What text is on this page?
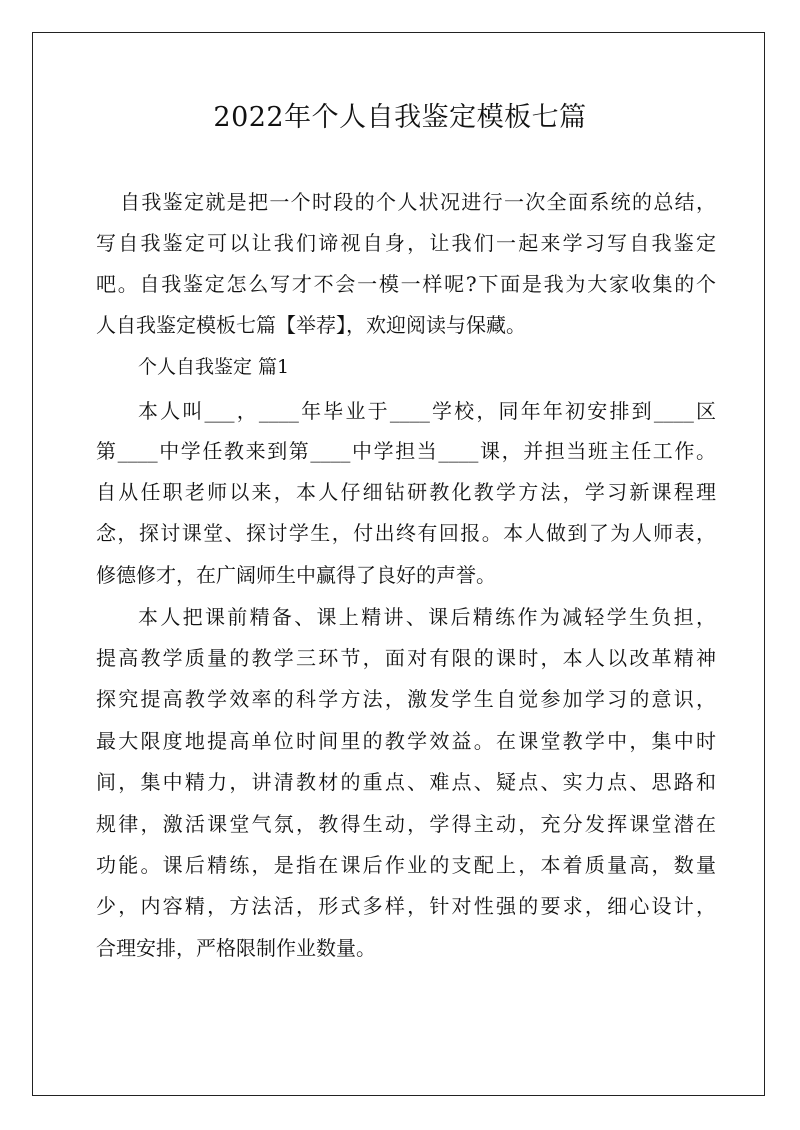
2022年个人自我鉴定模板七篇

自我鉴定就是把一个时段的个人状况进行一次全面系统的总结，

写自我鉴定可以让我们谛视自身，让我们一起来学习写自我鉴定

吧。自我鉴定怎么写才不会一模一样呢?下面是我为大家收集的个

人自我鉴定模板七篇【举荐】，欢迎阅读与保藏。

个人自我鉴定 篇1

本人叫___，____年毕业于____学校，同年年初安排到____区

第____中学任教来到第____中学担当____课，并担当班主任工作。

自从任职老师以来，本人仔细钻研教化教学方法，学习新课程理

念，探讨课堂、探讨学生，付出终有回报。本人做到了为人师表，

修德修才，在广阔师生中赢得了良好的声誉。

本人把课前精备、课上精讲、课后精练作为减轻学生负担，

提高教学质量的教学三环节，面对有限的课时，本人以改革精神

探究提高教学效率的科学方法，激发学生自觉参加学习的意识，

最大限度地提高单位时间里的教学效益。在课堂教学中，集中时

间，集中精力，讲清教材的重点、难点、疑点、实力点、思路和

规律，激活课堂气氛，教得生动，学得主动，充分发挥课堂潜在

功能。课后精练，是指在课后作业的支配上，本着质量高，数量

少，内容精，方法活，形式多样，针对性强的要求，细心设计，

合理安排，严格限制作业数量。
